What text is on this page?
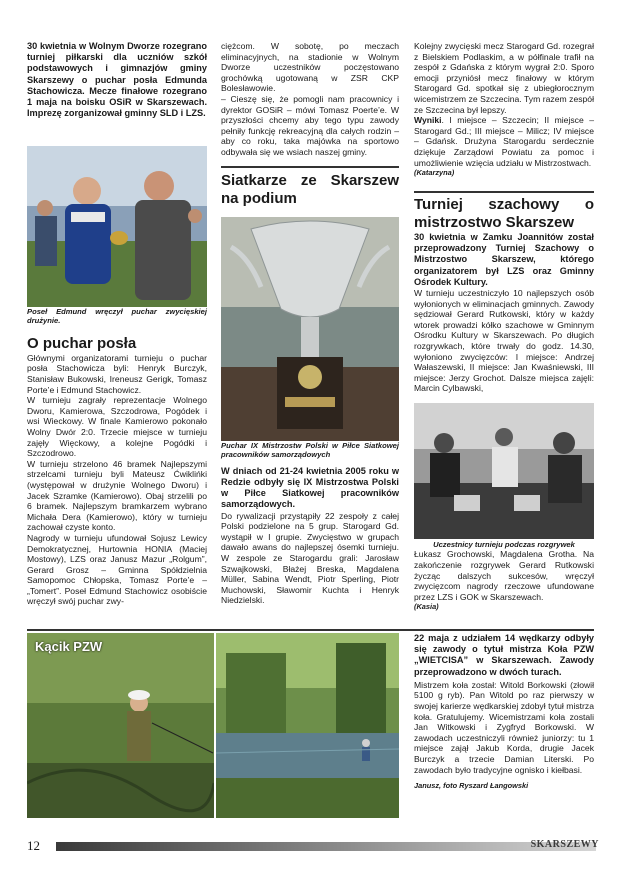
30 kwietnia w Wolnym Dworze rozegrano turniej piłkarski dla uczniów szkół podstawowych i gimnazjów gminy Skarszewy o puchar posła Edmunda Stachowicza. Mecze finałowe rozegrano 1 maja na boisku OSiR w Skarszewach. Imprezę zorganizował gminny SLD i LZS.

Poseł Edmund wręczył puchar zwycięskiej drużynie.

O puchar posła

Głównymi organizatorami turnieju o puchar posła Stachowicza byli: Henryk Burczyk, Stanisław Bukowski, Ireneusz Gerigk, Tomasz Porte’e i Edmund Stachowicz.

W turnieju zagrały reprezentacje Wolnego Dworu, Kamierowa, Szczodrowa, Pogódek i wsi Wieckowy. W finale Kamierowo pokonało Wolny Dwór 2:0. Trzecie miejsce w turnieju zajęły Więckowy, a kolejne Pogódki i Szczodrowo.

W turnieju strzelono 46 bramek Najlepszymi strzelcami turnieju byli Mateusz Ćwiklińki (występował w drużynie Wolnego Dworu) i Jacek Szramke (Kamierowo). Obaj strzelili po 6 bramek. Najlepszym bramkarzem wybrano Michała Dera (Kamierowo), który w turnieju zachował czyste konto.

Nagrody w turnieju ufundował Sojusz Lewicy Demokratycznej, Hurtownia HONIA (Maciej Mostowy), LZS oraz Janusz Mazur „Rolgum”, Gerard Grosz – Gminna Spółdzielnia Samopomoc Chłopska, Tomasz Porte’e – „Tomert”. Poseł Edmund Stachowicz osobiście wręczył swój puchar zwy-

ciężcom. W sobotę, po meczach eliminacyjnych, na stadionie w Wolnym Dworze uczestników poczęstowano grochówką ugotowaną w ZSR CKP Bolesławowie.

– Cieszę się, że pomogli nam pracownicy i dyrektor GOSiR – mówi Tomasz Poerte’e. W przyszłości chcemy aby tego typu zawody pełniły funkcję rekreacyjną dla całych rodzin – aby co roku, taka majówka na sportowo odbywała się we wsiach naszej gminy.

Siatkarze ze Skarszew na podium

Puchar IX Mistrzostw Polski w Piłce Siatkowej pracowników samorządowych

W dniach od 21-24 kwietnia 2005 roku w Redzie odbyły się IX Mistrzostwa Polski w Piłce Siatkowej pracowników samorządowych.

Do rywalizacji przystąpiły 22 zespoły z całej Polski podzielone na 5 grup. Starogard Gd. wystąpił w I grupie. Zwycięstwo w grupach dawało awans do najlepszej ósemki turnieju. W zespole ze Starogardu grali: Jarosław Szwajkowski, Błażej Breska, Magdalena Müller, Sabina Wendt, Piotr Sperling, Piotr Muchowski, Sławomir Kuchta i Henryk Niedzielski.

Kolejny zwycięski mecz Starogard Gd. rozegrał z Bielskiem Podlaskim, a w półfinale trafił na zespół z Gdańska z którym wygrał 2:0. Sporo emocji przyniósł mecz finałowy w którym Starogard Gd. spotkał się z ubiegłorocznym wicemistrzem ze Szczecina. Tym razem zespół ze Szczecina był lepszy.

Wyniki. I miejsce – Szczecin; II miejsce – Starogard Gd.; III miejsce – Milicz; IV miejsce – Gdańsk. Drużyna Starogardu serdecznie dziękuje Zarządowi Powiatu za pomoc i umożliwienie wzięcia udziału w Mistrzostwach.

(Katarzyna)

Turniej szachowy o mistrzostwo Skarszew

30 kwietnia w Zamku Joannitów został przeprowadzony Turniej Szachowy o Mistrzostwo Skarszew, którego organizatorem był LZS oraz Gminny Ośrodek Kultury.

W turnieju uczestniczyło 10 najlepszych osób wyłonionych w eliminacjach gminnych. Zawody sędziował Gerard Rutkowski, który w każdy wtorek prowadzi kółko szachowe w Gminnym Ośrodku Kultury w Skarszewach. Po długich rozgrywkach, które trwały do godz. 14.30, wyłoniono zwycięzców: I miejsce: Andrzej Wałaszewski, II miejsce: Jan Kwaśniewski, III miejsce: Jerzy Grochot. Dalsze miejsca zajęli: Marcin Cylbawski,

Uczestnicy turnieju podczas rozgrywek

Łukasz Grochowski, Magdalena Grotha. Na zakończenie rozgrywek Gerard Rutkowski życząc dalszych sukcesów, wręczył zwycięzcom nagrody rzeczowe ufundowane przez LZS i GOK w Skarszewach.

(Kasia)

Kącik PZW

22 maja z udziałem 14 wędkarzy odbyły się zawody o tytuł mistrza Koła PZW „WIETCISA” w Skarszewach. Zawody przeprowadzono w dwóch turach.

Mistrzem koła został: Witold Borkowski (złowił 5100 g ryb). Pan Witold po raz pierwszy w swojej karierze wędkarskiej zdobył tytuł mistrza koła. Gratulujemy. Wicemistrzami koła zostali Jan Witkowski i Zygfryd Borkowski. W zawodach uczestniczyli również juniorzy: tu 1 miejsce zajął Jakub Korda, drugie Jacek Burczyk a trzecie Damian Literski. Po zawodach było tradycyjne ognisko i kiełbasi.

Janusz, foto Ryszard Łangowski

12	SKARSZEWY
